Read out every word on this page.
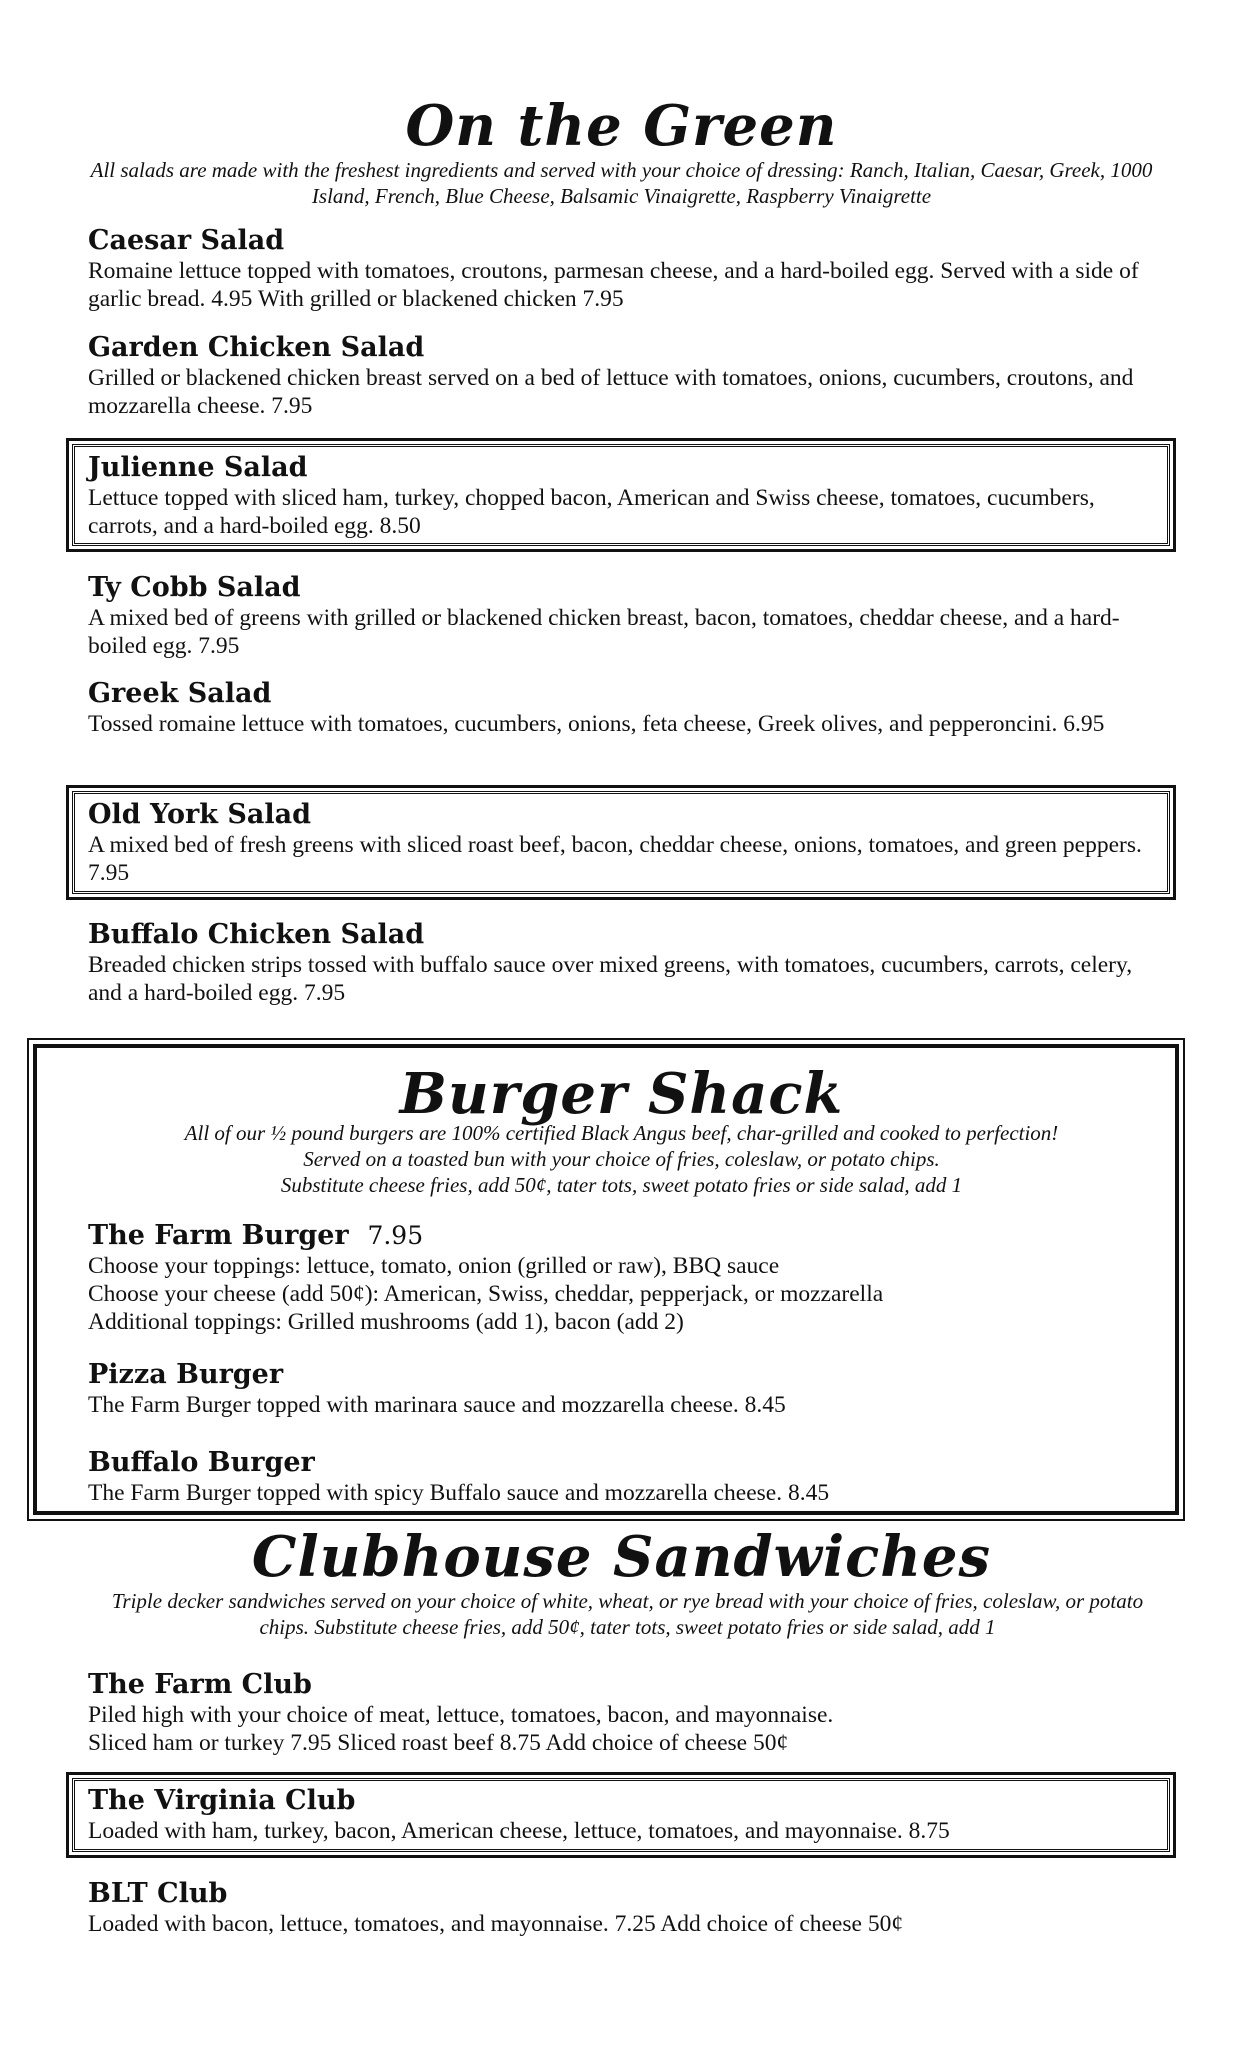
On the Green

All salads are made with the freshest ingredients and served with your choice of dressing: Ranch, Italian, Caesar, Greek, 1000 Island, French, Blue Cheese, Balsamic Vinaigrette, Raspberry Vinaigrette

Caesar Salad

Romaine lettuce topped with tomatoes, croutons, parmesan cheese, and a hard-boiled egg. Served with a side of garlic bread. 4.95 With grilled or blackened chicken 7.95

Garden Chicken Salad

Grilled or blackened chicken breast served on a bed of lettuce with tomatoes, onions, cucumbers, croutons, and mozzarella cheese. 7.95

Julienne Salad

Lettuce topped with sliced ham, turkey, chopped bacon, American and Swiss cheese, tomatoes, cucumbers, carrots, and a hard-boiled egg. 8.50

Ty Cobb Salad

A mixed bed of greens with grilled or blackened chicken breast, bacon, tomatoes, cheddar cheese, and a hard-boiled egg. 7.95

Greek Salad

Tossed romaine lettuce with tomatoes, cucumbers, onions, feta cheese, Greek olives, and pepperoncini. 6.95

Old York Salad

A mixed bed of fresh greens with sliced roast beef, bacon, cheddar cheese, onions, tomatoes, and green peppers. 7.95

Buffalo Chicken Salad

Breaded chicken strips tossed with buffalo sauce over mixed greens, with tomatoes, cucumbers, carrots, celery, and a hard-boiled egg. 7.95

Burger Shack
All of our ½ pound burgers are 100% certified Black Angus beef, char-grilled and cooked to perfection!
Served on a toasted bun with your choice of fries, coleslaw, or potato chips.
Substitute cheese fries, add 50¢, tater tots, sweet potato fries or side salad, add 1

The Farm Burger 7.95

Choose your toppings: lettuce, tomato, onion (grilled or raw), BBQ sauce

Choose your cheese (add 50¢): American, Swiss, cheddar, pepperjack, or mozzarella

Additional toppings: Grilled mushrooms (add 1), bacon (add 2)

Pizza Burger

The Farm Burger topped with marinara sauce and mozzarella cheese. 8.45

Buffalo Burger

The Farm Burger topped with spicy Buffalo sauce and mozzarella cheese. 8.45

Clubhouse Sandwiches

Triple decker sandwiches served on your choice of white, wheat, or rye bread with your choice of fries, coleslaw, or potato chips. Substitute cheese fries, add 50¢, tater tots, sweet potato fries or side salad, add 1

The Farm Club

Piled high with your choice of meat, lettuce, tomatoes, bacon, and mayonnaise.

Sliced ham or turkey 7.95 Sliced roast beef 8.75 Add choice of cheese 50¢

The Virginia Club

Loaded with ham, turkey, bacon, American cheese, lettuce, tomatoes, and mayonnaise. 8.75

BLT Club

Loaded with bacon, lettuce, tomatoes, and mayonnaise. 7.25 Add choice of cheese 50¢
